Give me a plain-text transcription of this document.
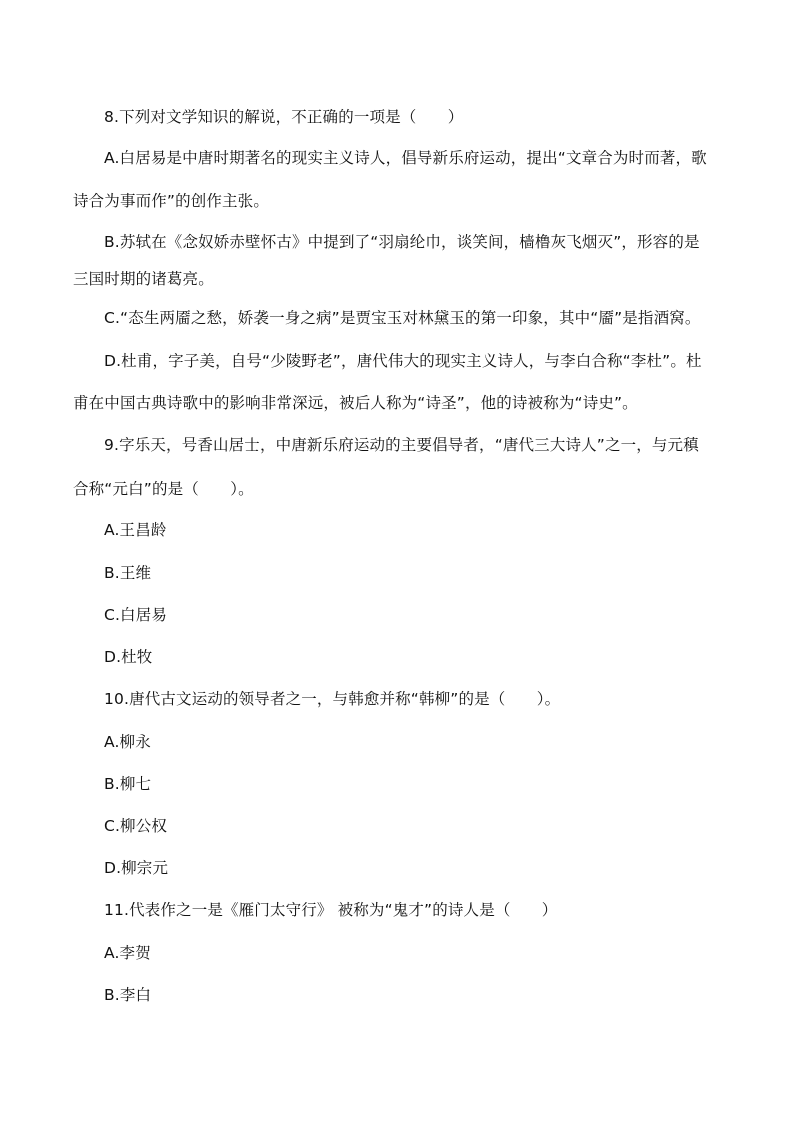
8.下列对文学知识的解说，不正确的一项是（　　）
A.白居易是中唐时期著名的现实主义诗人，倡导新乐府运动，提出“文章合为时而著，歌
诗合为事而作”的创作主张。
B.苏轼在《念奴娇赤壁怀古》中提到了“羽扇纶巾，谈笑间，樯橹灰飞烟灭”，形容的是
三国时期的诸葛亮。
C.“态生两靥之愁，娇袭一身之病”是贾宝玉对林黛玉的第一印象，其中“靥”是指酒窝。
D.杜甫，字子美，自号“少陵野老”，唐代伟大的现实主义诗人，与李白合称“李杜”。杜
甫在中国古典诗歌中的影响非常深远，被后人称为“诗圣”，他的诗被称为“诗史”。
9.字乐天，号香山居士，中唐新乐府运动的主要倡导者，“唐代三大诗人”之一，与元稹
合称“元白”的是（　　）。
A.王昌龄
B.王维
C.白居易
D.杜牧
10.唐代古文运动的领导者之一，与韩愈并称“韩柳”的是（　　）。
A.柳永
B.柳七
C.柳公权
D.柳宗元
11.代表作之一是《雁门太守行》 被称为“鬼才”的诗人是（　　）
A.李贺
B.李白
